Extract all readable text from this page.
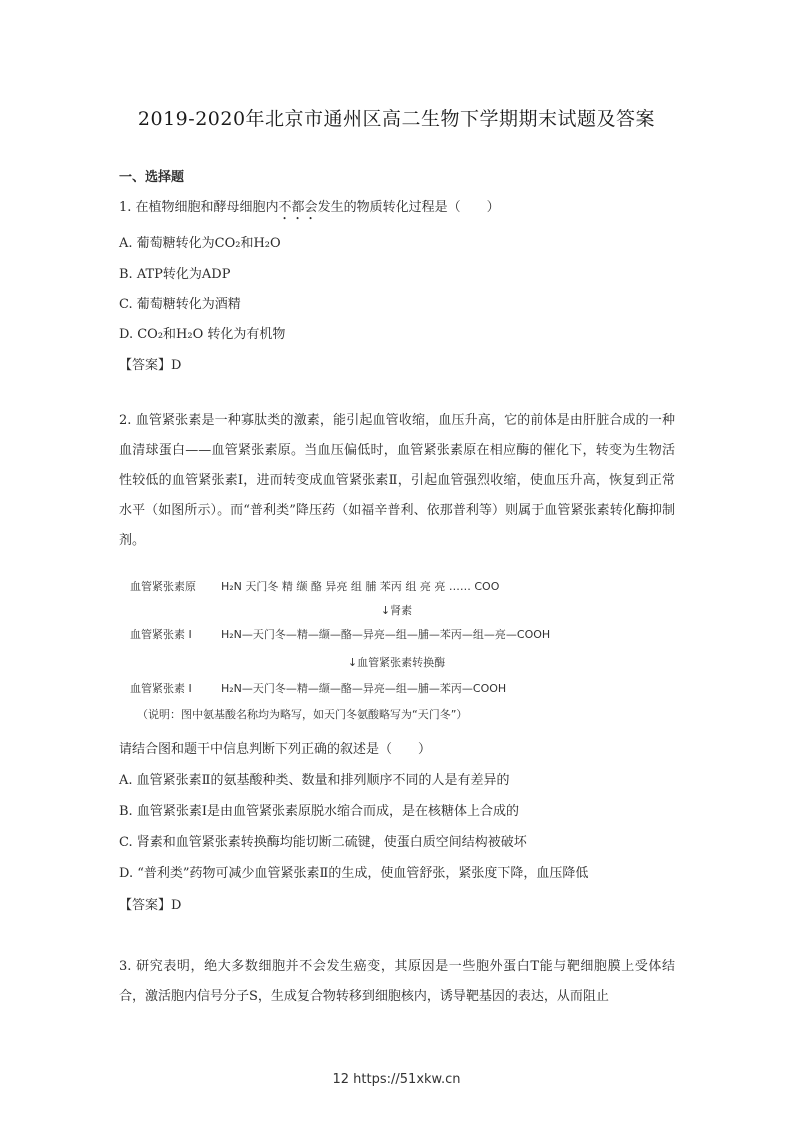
2019-2020年北京市通州区高二生物下学期期末试题及答案
一、选择题
1. 在植物细胞和酵母细胞内不都会发生的物质转化过程是（　　）
A. 葡萄糖转化为CO₂和H₂O
B. ATP转化为ADP
C. 葡萄糖转化为酒精
D. CO₂和H₂O 转化为有机物
【答案】D
2. 血管紧张素是一种寡肽类的激素，能引起血管收缩，血压升高，它的前体是由肝脏合成的一种血清球蛋白——血管紧张素原。当血压偏低时，血管紧张素原在相应酶的催化下，转变为生物活性较低的血管紧张素Ⅰ，进而转变成血管紧张素Ⅱ，引起血管强烈收缩，使血压升高，恢复到正常水平（如图所示）。而“普利类”降压药（如福辛普利、依那普利等）则属于血管紧张素转化酶抑制剂。
血管紧张素原 H₂N 天门冬 精 缬 酪 异亮 组 脯 苯丙 组 亮 亮 …… COO
↓肾素
血管紧张素 I	H₂N—天门冬—精—缬—酪—异亮—组—脯—苯丙—组—亮—COOH
↓血管紧张素转换酶
血管紧张素 I	H₂N—天门冬—精—缬—酪—异亮—组—脯—苯丙—COOH
（说明：图中氨基酸名称均为略写，如天门冬氨酸略写为“天门冬”）
请结合图和题干中信息判断下列正确的叙述是（　　）
A. 血管紧张素Ⅱ的氨基酸种类、数量和排列顺序不同的人是有差异的
B. 血管紧张素Ⅰ是由血管紧张素原脱水缩合而成，是在核糖体上合成的
C. 肾素和血管紧张素转换酶均能切断二硫键，使蛋白质空间结构被破坏
D. “普利类”药物可减少血管紧张素Ⅱ的生成，使血管舒张，紧张度下降，血压降低
【答案】D
3. 研究表明，绝大多数细胞并不会发生癌变，其原因是一些胞外蛋白T能与靶细胞膜上受体结合，激活胞内信号分子S，生成复合物转移到细胞核内，诱导靶基因的表达，从而阻止
12 https://51xkw.cn
